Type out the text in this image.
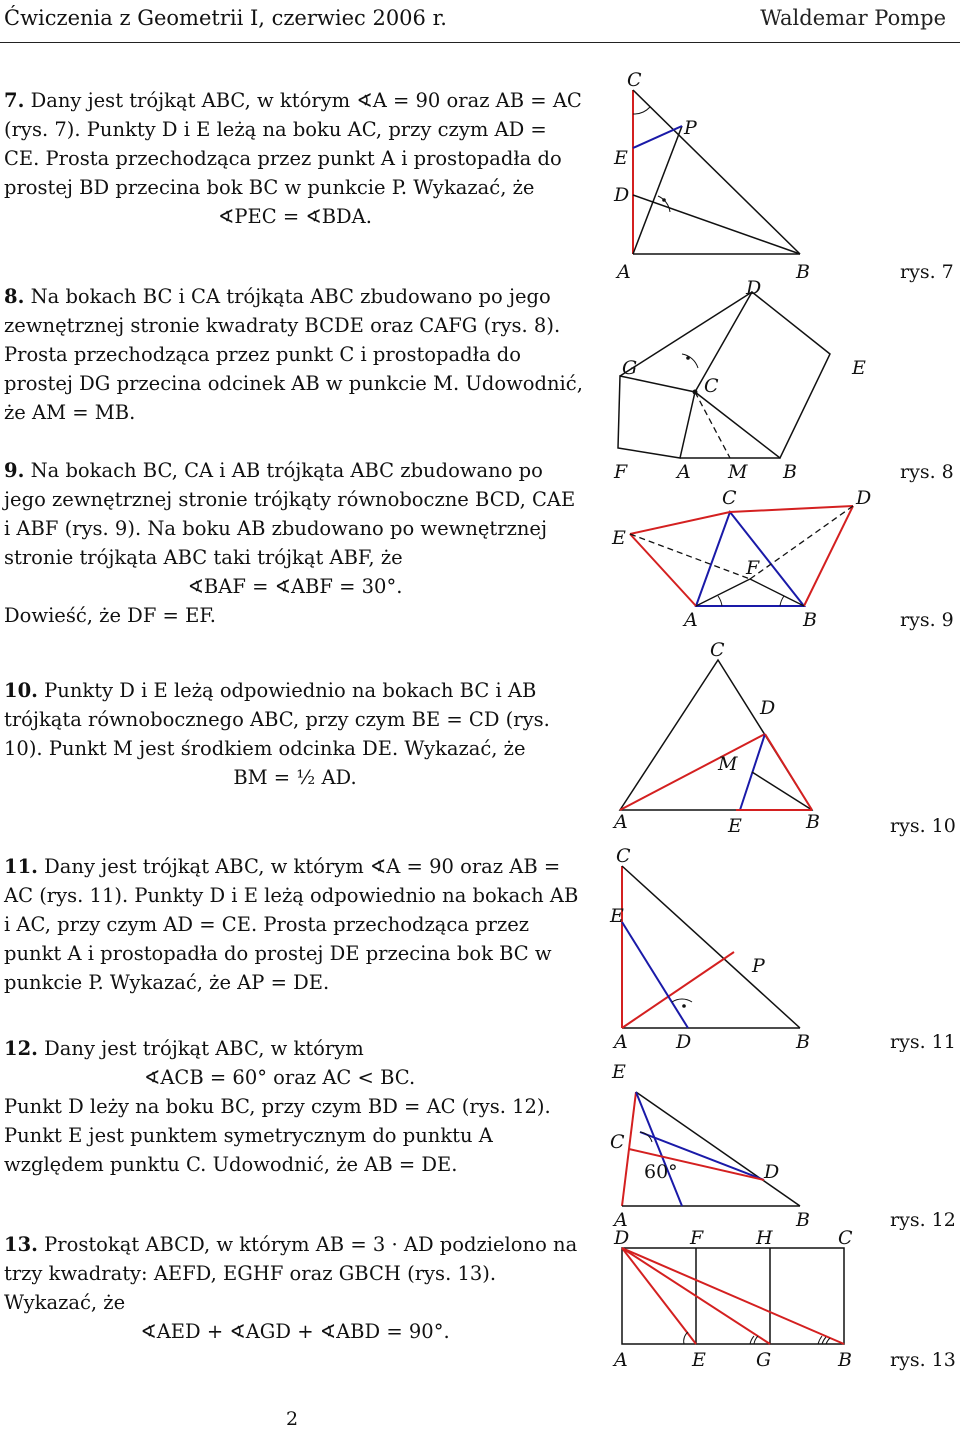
Ćwiczenia z Geometrii I, czerwiec 2006 r.	Waldemar Pompe

7. Dany jest trójkąt ABC, w którym ∢A = 90 oraz AB = AC (rys. 7). Punkty D i E leżą na boku AC, przy czym AD = CE. Prosta przechodząca przez punkt A i prostopadła do prostej BD przecina bok BC w punkcie P. Wykazać, że

∢PEC = ∢BDA.

8. Na bokach BC i CA trójkąta ABC zbudowano po jego zewnętrznej stronie kwadraty BCDE oraz CAFG (rys. 8). Prosta przechodząca przez punkt C i prostopadła do prostej DG przecina odcinek AB w punkcie M. Udowodnić, że AM = MB.

9. Na bokach BC, CA i AB trójkąta ABC zbudowano po jego zewnętrznej stronie trójkąty równoboczne BCD, CAE i ABF (rys. 9). Na boku AB zbudowano po wewnętrznej stronie trójkąta ABC taki trójkąt ABF, że

∢BAF = ∢ABF = 30°.

Dowieść, że DF = EF.

10. Punkty D i E leżą odpowiednio na bokach BC i AB trójkąta równobocznego ABC, przy czym BE = CD (rys. 10). Punkt M jest środkiem odcinka DE. Wykazać, że

BM = ½ AD.

11. Dany jest trójkąt ABC, w którym ∢A = 90 oraz AB = AC (rys. 11). Punkty D i E leżą odpowiednio na bokach AB i AC, przy czym AD = CE. Prosta przechodząca przez punkt A i prostopadła do prostej DE przecina bok BC w punkcie P. Wykazać, że AP = DE.

12. Dany jest trójkąt ABC, w którym

∢ACB = 60° oraz AC < BC.

Punkt D leży na boku BC, przy czym BD = AC (rys. 12). Punkt E jest punktem symetrycznym do punktu A względem punktu C. Udowodnić, że AB = DE.

13. Prostokąt ABCD, w którym AB = 3 · AD podzielono na trzy kwadraty: AEFD, EGHF oraz GBCH (rys. 13). Wykazać, że

∢AED + ∢AGD + ∢ABD = 90°.

C
P
E
D
A	B	rys. 7
D
G
C
E
F	A M B	rys. 8
C	D
E
F
A	B	rys. 9
C
D
M
A	E	B	rys. 10
C
E
P
A	D	B	rys. 11
E
C
60°	D
A	B	rys. 12
D	F	H	C
A	E	G	B rys. 13
2
